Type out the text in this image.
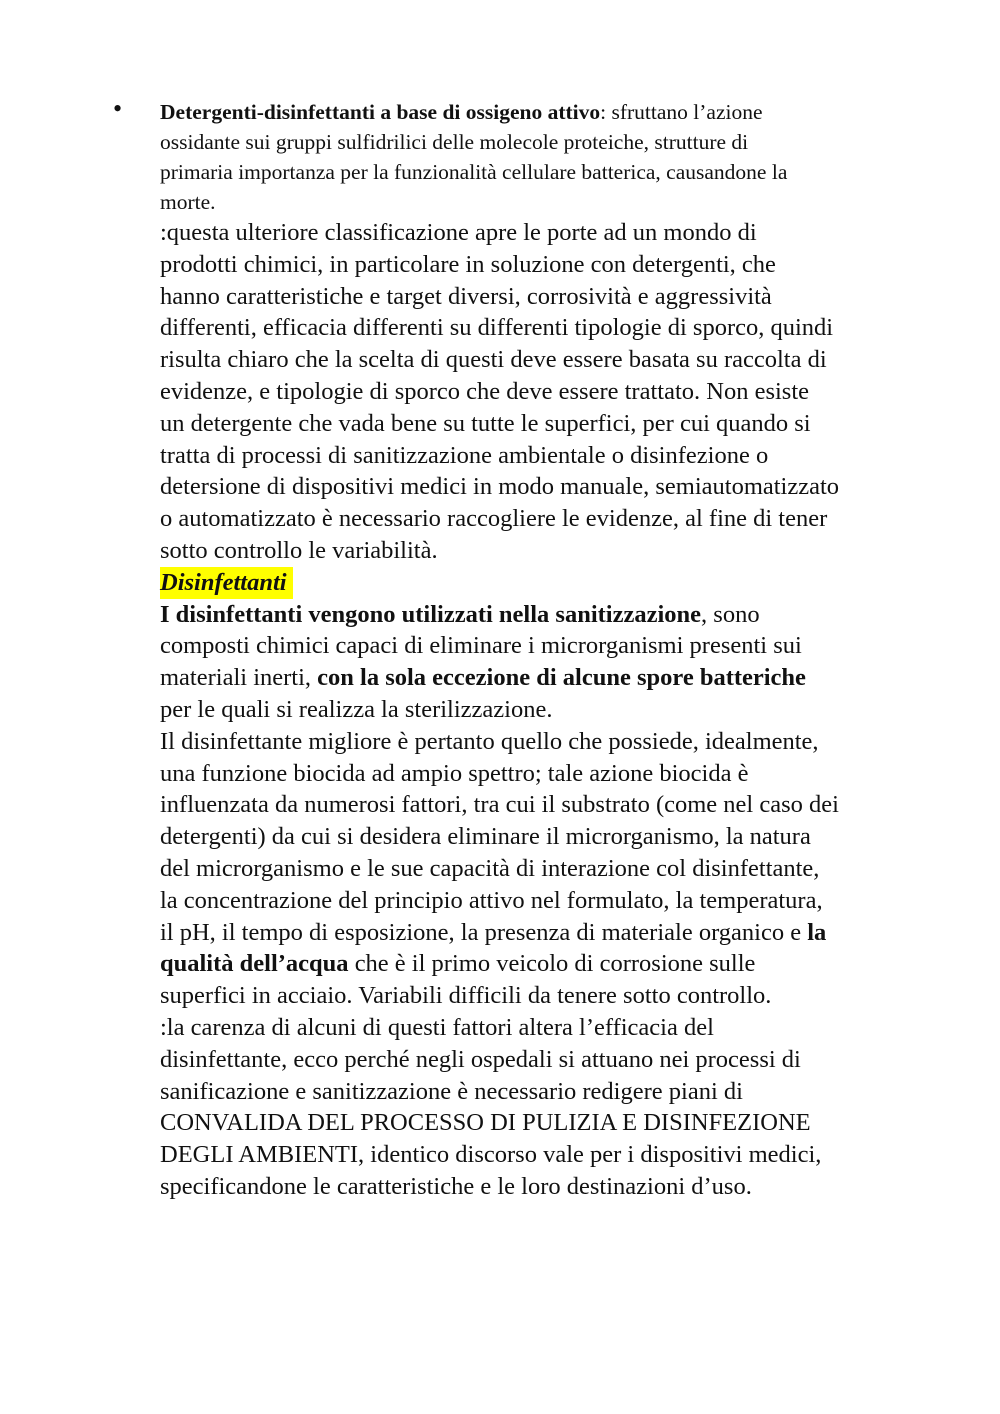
• Detergenti-disinfettanti a base di ossigeno attivo: sfruttano l’azione
ossidante sui gruppi sulfidrilici delle molecole proteiche, strutture di
primaria importanza per la funzionalità cellulare batterica, causandone la
morte.
:questa ulteriore classificazione apre le porte ad un mondo di
prodotti chimici, in particolare in soluzione con detergenti, che
hanno caratteristiche e target diversi, corrosività e aggressività
differenti, efficacia differenti su differenti tipologie di sporco, quindi
risulta chiaro che la scelta di questi deve essere basata su raccolta di
evidenze, e tipologie di sporco che deve essere trattato. Non esiste
un detergente che vada bene su tutte le superfici, per cui quando si
tratta di processi di sanitizzazione ambientale o disinfezione o
detersione di dispositivi medici in modo manuale, semiautomatizzato
o automatizzato è necessario raccogliere le evidenze, al fine di tener
sotto controllo le variabilità.
Disinfettanti
I disinfettanti vengono utilizzati nella sanitizzazione, sono
composti chimici capaci di eliminare i microrganismi presenti sui
materiali inerti, con la sola eccezione di alcune spore batteriche
per le quali si realizza la sterilizzazione.
Il disinfettante migliore è pertanto quello che possiede, idealmente,
una funzione biocida ad ampio spettro; tale azione biocida è
influenzata da numerosi fattori, tra cui il substrato (come nel caso dei
detergenti) da cui si desidera eliminare il microrganismo, la natura
del microrganismo e le sue capacità di interazione col disinfettante,
la concentrazione del principio attivo nel formulato, la temperatura,
il pH, il tempo di esposizione, la presenza di materiale organico e la
qualità dell’acqua che è il primo veicolo di corrosione sulle
superfici in acciaio. Variabili difficili da tenere sotto controllo.
:la carenza di alcuni di questi fattori altera l’efficacia del
disinfettante, ecco perché negli ospedali si attuano nei processi di
sanificazione e sanitizzazione è necessario redigere piani di
CONVALIDA DEL PROCESSO DI PULIZIA E DISINFEZIONE
DEGLI AMBIENTI, identico discorso vale per i dispositivi medici,
specificandone le caratteristiche e le loro destinazioni d’uso.
